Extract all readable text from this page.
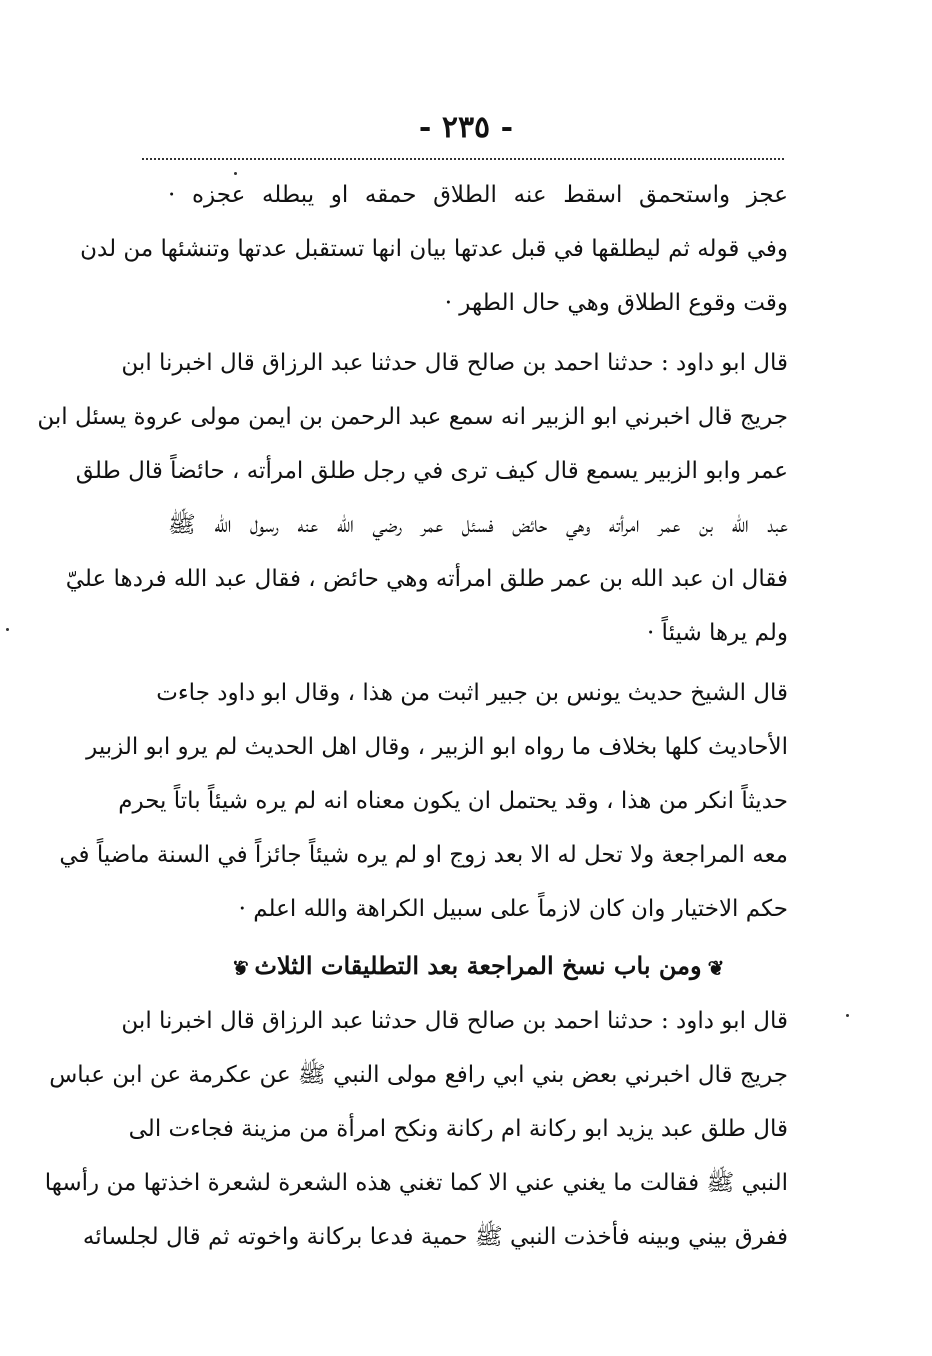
- ٢٣٥ -
عجز واستحمق اسقط عنه الطلاق حمقه او يبطله عجزه ·
وفي قوله ثم ليطلقها في قبل عدتها بيان انها تستقبل عدتها وتنشئها من لدن
وقت وقوع الطلاق وهي حال الطهر ·
قال ابو داود : حدثنا احمد بن صالح قال حدثنا عبد الرزاق قال اخبرنا ابن
جريج قال اخبرني ابو الزبير انه سمع عبد الرحمن بن ايمن مولى عروة يسئل ابن
عمر وابو الزبير يسمع قال كيف ترى في رجل طلق امرأته ، حائضاً قال طلق
عبد الله بن عمر امرأته وهي حائض فسئل عمر رضي الله عنه رسول الله ﷺ
فقال ان عبد الله بن عمر طلق امرأته وهي حائض ، فقال عبد الله فردها عليّ
ولم يرها شيئاً ·
قال الشيخ حديث يونس بن جبير اثبت من هذا ، وقال ابو داود جاءت
الأحاديث كلها بخلاف ما رواه ابو الزبير ، وقال اهل الحديث لم يرو ابو الزبير
حديثاً انكر من هذا ، وقد يحتمل ان يكون معناه انه لم يره شيئاً باتاً يحرم
معه المراجعة ولا تحل له الا بعد زوج او لم يره شيئاً جائزاً في السنة ماضياً في
حكم الاختيار وان كان لازماً على سبيل الكراهة والله اعلم ·
❦ومن باب نسخ المراجعة بعد التطليقات الثلاث❦
قال ابو داود : حدثنا احمد بن صالح قال حدثنا عبد الرزاق قال اخبرنا ابن
جريج قال اخبرني بعض بني ابي رافع مولى النبي ﷺ عن عكرمة عن ابن عباس
قال طلق عبد يزيد ابو ركانة ام ركانة ونكح امرأة من مزينة فجاءت الى
النبي ﷺ فقالت ما يغني عني الا كما تغني هذه الشعرة لشعرة اخذتها من رأسها
ففرق بيني وبينه فأخذت النبي ﷺ حمية فدعا بركانة واخوته ثم قال لجلسائه
